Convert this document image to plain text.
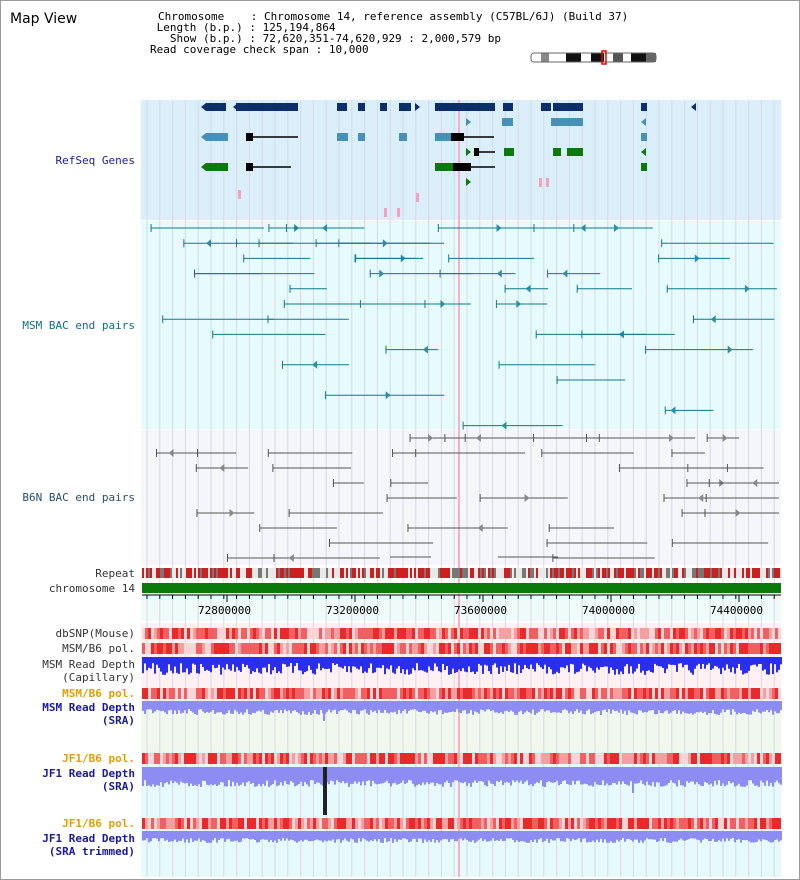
Map View	Chromosome    : Chromosome 14, reference assembly (C57BL/6J) (Build 37)
Length (b.p.) : 125,194,864
Show (b.p.) : 72,620,351-74,620,929 : 2,000,579 bp
Read coverage check span : 10,000
RefSeq Genes
MSM BAC end pairs
B6N BAC end pairs
Repeat
chromosome 14
dbSNP(Mouse)
MSM/B6 pol.
MSM Read Depth
(Capillary)
MSM/B6 pol.
MSM Read Depth
(SRA)
JF1/B6 pol.
JF1 Read Depth
(SRA)
JF1/B6 pol.
JF1 Read Depth
(SRA trimmed)
72800000	73200000	73600000	74000000	74400000
